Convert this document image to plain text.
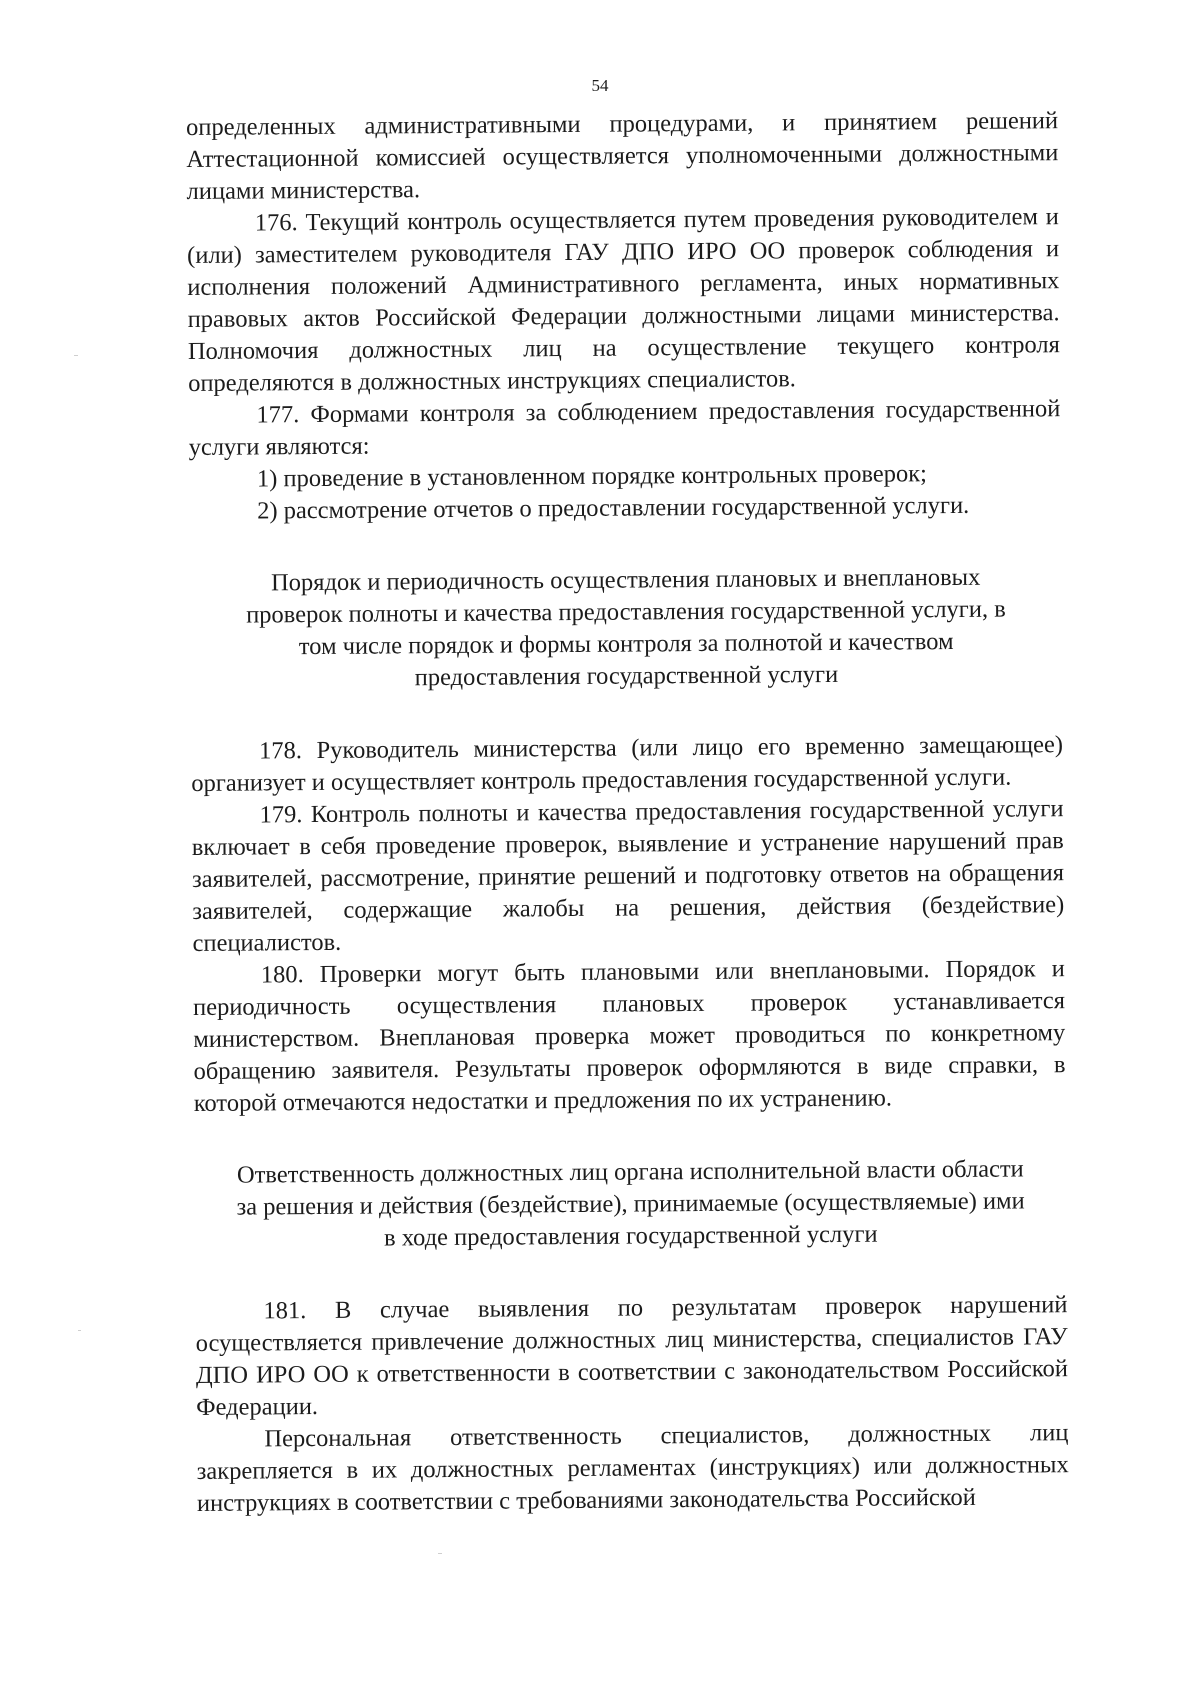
54

определенных административными процедурами, и принятием решений Аттестационной комиссией осуществляется уполномоченными должностными лицами министерства.

176. Текущий контроль осуществляется путем проведения руководителем и (или) заместителем руководителя ГАУ ДПО ИРО ОО проверок соблюдения и исполнения положений Административного регламента, иных нормативных правовых актов Российской Федерации должностными лицами министерства. Полномочия должностных лиц на осуществление текущего контроля определяются в должностных инструкциях специалистов.

177. Формами контроля за соблюдением предоставления государственной услуги являются:

1) проведение в установленном порядке контрольных проверок;

2) рассмотрение отчетов о предоставлении государственной услуги.

Порядок и периодичность осуществления плановых и внеплановых проверок полноты и качества предоставления государственной услуги, в том числе порядок и формы контроля за полнотой и качеством предоставления государственной услуги

178. Руководитель министерства (или лицо его временно замещающее) организует и осуществляет контроль предоставления государственной услуги.

179. Контроль полноты и качества предоставления государственной услуги включает в себя проведение проверок, выявление и устранение нарушений прав заявителей, рассмотрение, принятие решений и подготовку ответов на обращения заявителей, содержащие жалобы на решения, действия (бездействие) специалистов.

180. Проверки могут быть плановыми или внеплановыми. Порядок и периодичность осуществления плановых проверок устанавливается министерством. Внеплановая проверка может проводиться по конкретному обращению заявителя. Результаты проверок оформляются в виде справки, в которой отмечаются недостатки и предложения по их устранению.

Ответственность должностных лиц органа исполнительной власти области за решения и действия (бездействие), принимаемые (осуществляемые) ими в ходе предоставления государственной услуги

181. В случае выявления по результатам проверок нарушений осуществляется привлечение должностных лиц министерства, специалистов ГАУ ДПО ИРО ОО к ответственности в соответствии с законодательством Российской Федерации.

Персональная ответственность специалистов, должностных лиц закрепляется в их должностных регламентах (инструкциях) или должностных инструкциях в соответствии с требованиями законодательства Российской
